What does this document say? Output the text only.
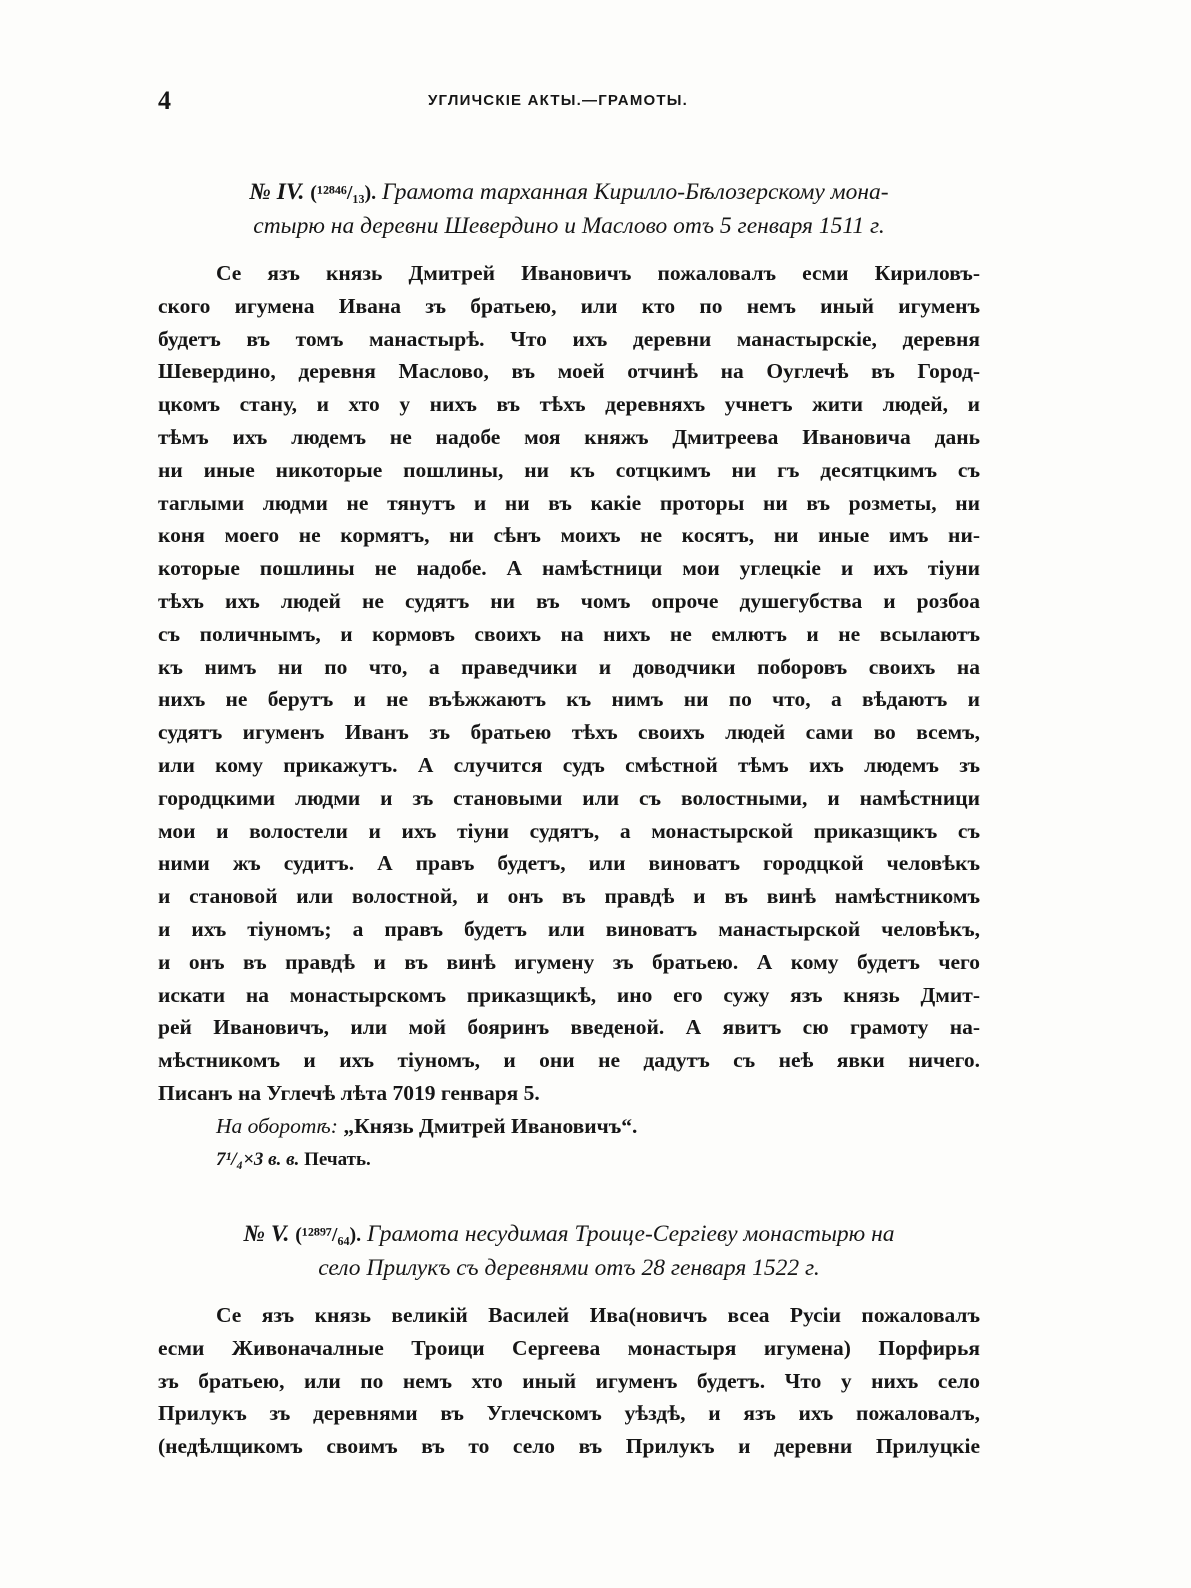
4	УГЛИЧСКІЕ АКТЫ.—ГРАМОТЫ.

№ IV. (¹²⁸⁴⁶/₁₃). Грамота тарханная Кирилло-Бѣлозерскому мона-

стырю на деревни Шевердино и Маслово отъ 5 генваря 1511 г.

Се язъ князь Дмитрей Ивановичъ пожаловалъ есми Кириловъ-

ского игумена Ивана зъ братьею, или кто по немъ иный игуменъ

будетъ въ томъ манастырѣ. Что ихъ деревни манастырскіе, деревня

Шевердино, деревня Маслово, въ моей отчинѣ на Оуглечѣ въ Город-

цкомъ стану, и хто у нихъ въ тѣхъ деревняхъ учнетъ жити людей, и

тѣмъ ихъ людемъ не надобе моя княжъ Дмитреева Ивановича дань

ни иные никоторые пошлины, ни къ сотцкимъ ни гъ десятцкимъ съ

таглыми людми не тянутъ и ни въ какіе проторы ни въ розметы, ни

коня моего не кормятъ, ни сѣнъ моихъ не косятъ, ни иные имъ ни-

которые пошлины не надобе. А намѣстници мои углецкіе и ихъ тіуни

тѣхъ ихъ людей не судятъ ни въ чомъ опроче душегубства и розбоа

съ поличнымъ, и кормовъ своихъ на нихъ не емлютъ и не всылаютъ

къ нимъ ни по что, а праведчики и доводчики поборовъ своихъ на

нихъ не берутъ и не въѣжжаютъ къ нимъ ни по что, а вѣдаютъ и

судятъ игуменъ Иванъ зъ братьею тѣхъ своихъ людей сами во всемъ,

или кому прикажутъ. А случится судъ смѣстной тѣмъ ихъ людемъ зъ

городцкими людми и зъ становыми или съ волостными, и намѣстници

мои и волостели и ихъ тіуни судятъ, а монастырской приказщикъ съ

ними жъ судитъ. А правъ будетъ, или виноватъ городцкой человѣкъ

и становой или волостной, и онъ въ правдѣ и въ винѣ намѣстникомъ

и ихъ тіуномъ; а правъ будетъ или виноватъ манастырской человѣкъ,

и онъ въ правдѣ и въ винѣ игумену зъ братьею. А кому будетъ чего

искати на монастырскомъ приказщикѣ, ино его сужу язъ князь Дмит-

рей Ивановичъ, или мой бояринъ введеной. А явитъ сю грамоту на-

мѣстникомъ и ихъ тіуномъ, и они не дадутъ съ неѣ явки ничего.

Писанъ на Углечѣ лѣта 7019 генваря 5.

На оборотѣ: „Князь Дмитрей Ивановичъ“.

7¹/₄×3 в. в. Печать.

№ V. (¹²⁸⁹⁷/₆₄). Грамота несудимая Троице-Сергіеву монастырю на

село Прилукъ съ деревнями отъ 28 генваря 1522 г.

Се язъ князь великій Василей Ива(новичъ всеа Русіи пожаловалъ

есми Живоначалные Троици Сергеева монастыря игумена) Порфирья

зъ братьею, или по немъ хто иный игуменъ будетъ. Что у нихъ село

Прилукъ зъ деревнями въ Углечскомъ уѣздѣ, и язъ ихъ пожаловалъ,

(недѣлщикомъ своимъ въ то село въ Прилукъ и деревни Прилуцкіе
